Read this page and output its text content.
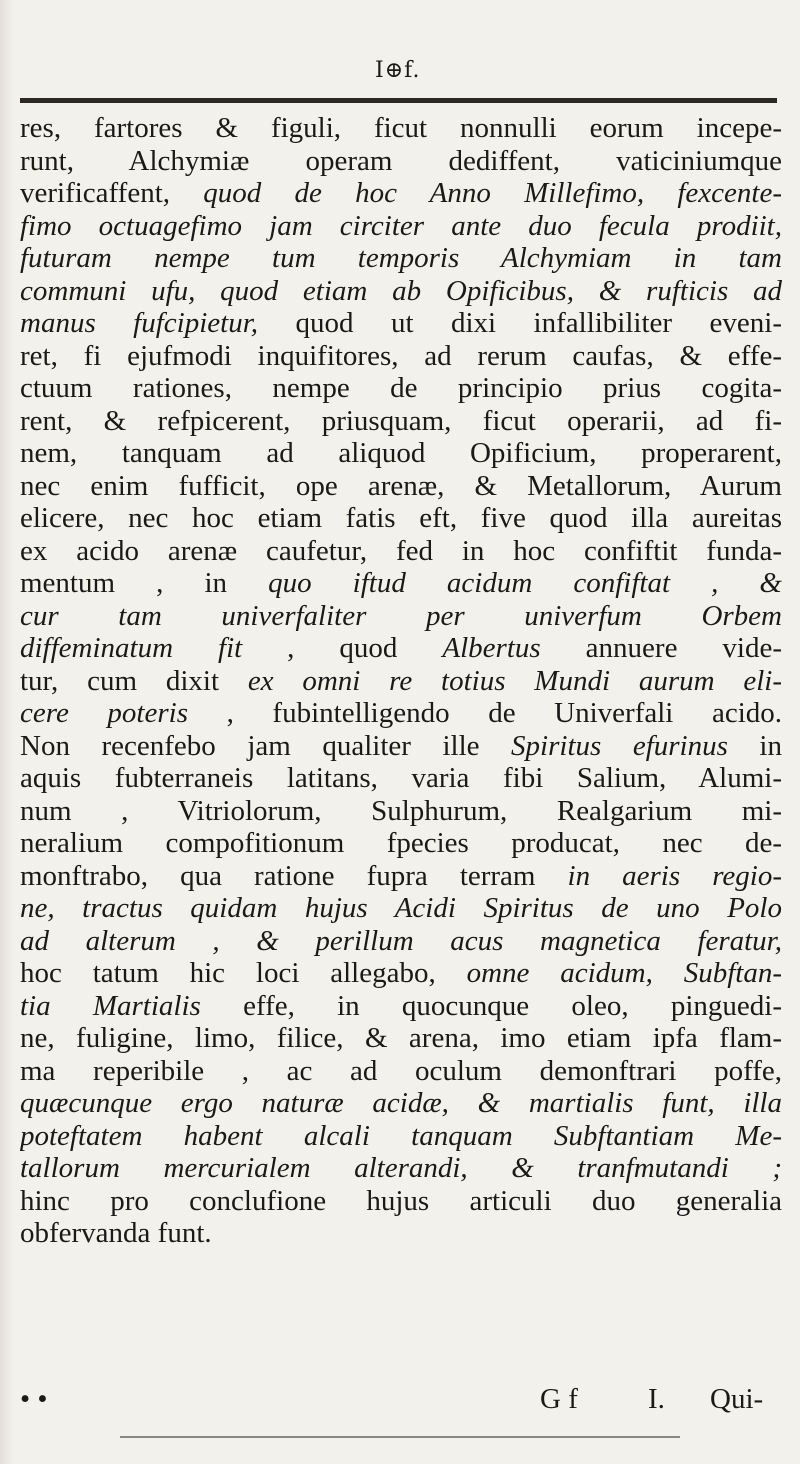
I⊕f.
res, fartores & figuli, ficut nonnulli eorum incepe-
runt, Alchymiæ operam dediffent, vaticiniumque
verificaffent, quod de hoc Anno Millefimo, fexcente-
fimo octuagefimo jam circiter ante duo fecula prodiit,
futuram nempe tum temporis Alchymiam in tam
communi ufu, quod etiam ab Opificibus, & rufticis ad
manus fufcipietur, quod ut dixi infallibiliter eveni-
ret, fi ejufmodi inquifitores, ad rerum caufas, & effe-
ctuum rationes, nempe de principio prius cogita-
rent, & refpicerent, priusquam, ficut operarii, ad fi-
nem, tanquam ad aliquod Opificium, properarent,
nec enim fufficit, ope arenæ, & Metallorum, Aurum
elicere, nec hoc etiam fatis eft, five quod illa aureitas
ex acido arenæ caufetur, fed in hoc confiftit funda-
mentum , in quo iftud acidum confiftat , &
cur tam univerfaliter per univerfum Orbem
diffeminatum fit , quod Albertus annuere vide-
tur, cum dixit ex omni re totius Mundi aurum eli-
cere poteris , fubintelligendo de Univerfali acido.
Non recenfebo jam qualiter ille Spiritus efurinus in
aquis fubterraneis latitans, varia fibi Salium, Alumi-
num , Vitriolorum, Sulphurum, Realgarium mi-
neralium compofitionum fpecies producat, nec de-
monftrabo, qua ratione fupra terram in aeris regio-
ne, tractus quidam hujus Acidi Spiritus de uno Polo
ad alterum , & perillum acus magnetica feratur,
hoc tatum hic loci allegabo, omne acidum, Subftan-
tia Martialis effe, in quocunque oleo, pinguedi-
ne, fuligine, limo, filice, & arena, imo etiam ipfa flam-
ma reperibile , ac ad oculum demonftrari poffe,
quæcunque ergo naturæ acidæ, & martialis funt, illa
poteftatem habent alcali tanquam Subftantiam Me-
tallorum mercurialem alterandi, & tranfmutandi ;
hinc pro conclufione hujus articuli duo generalia
obfervanda funt.
• •	G f I. Qui-
